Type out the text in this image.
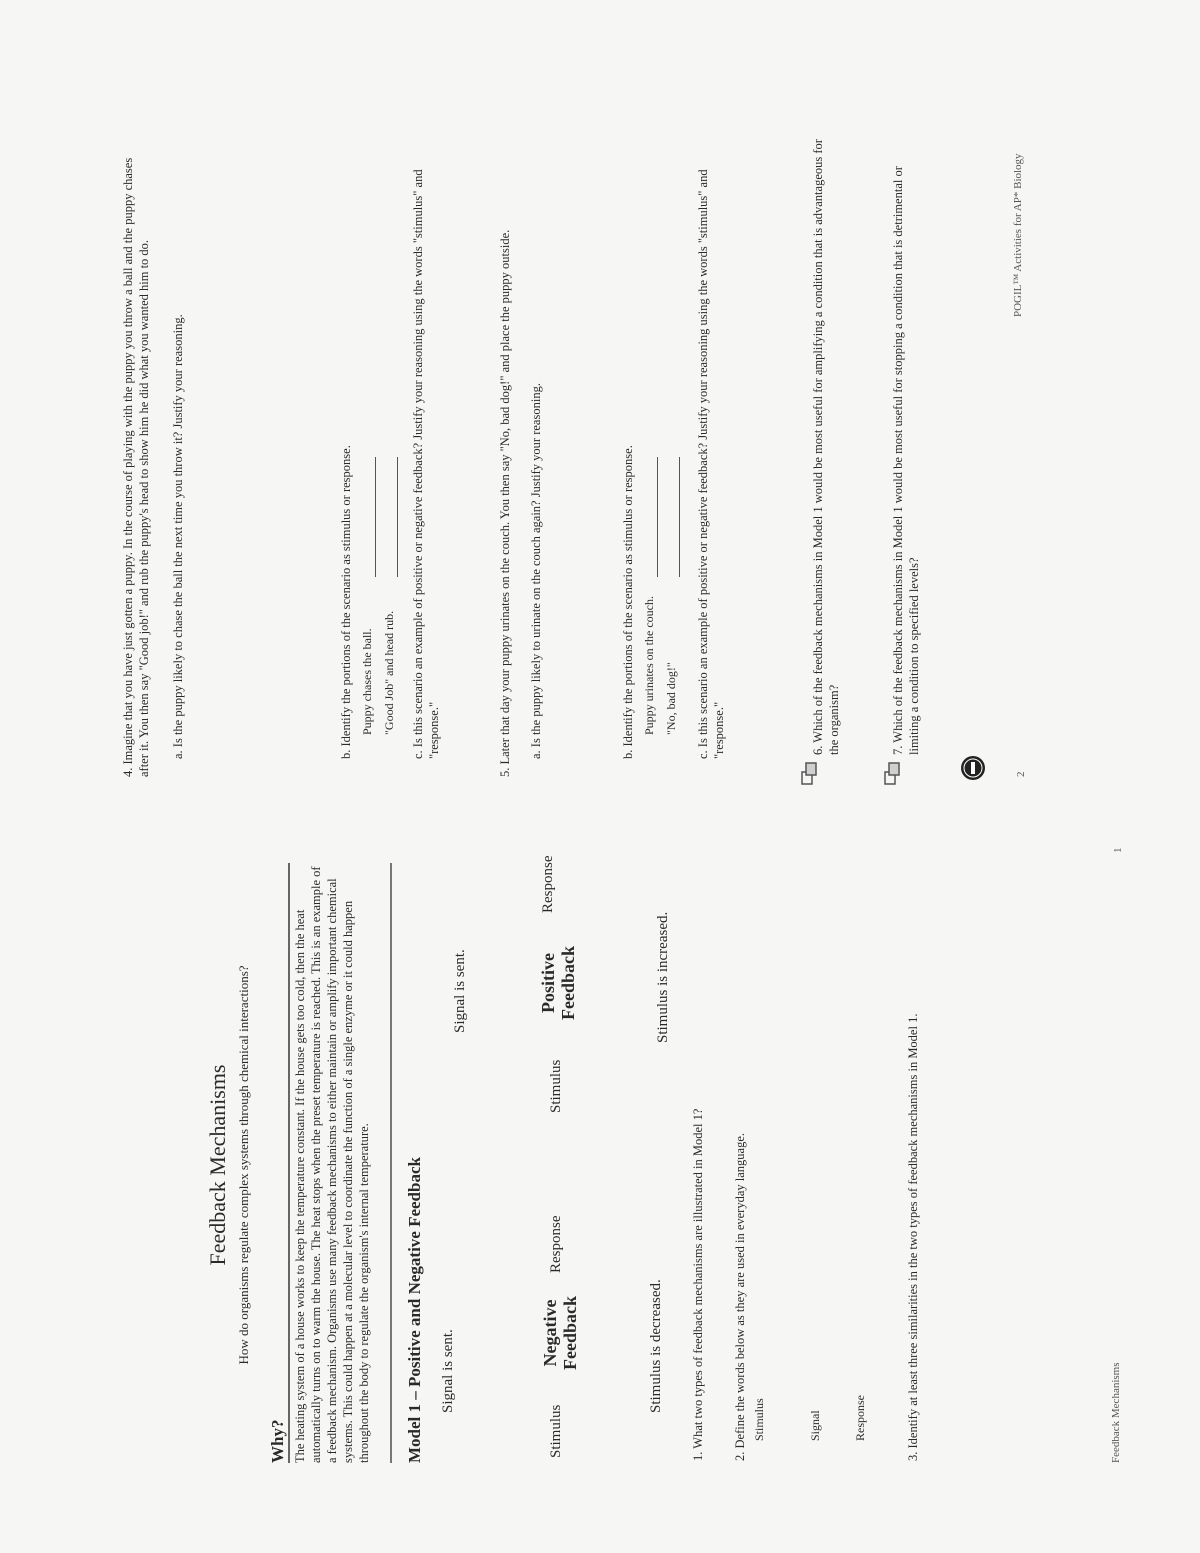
Feedback Mechanisms How do organisms regulate complex systems through chemical interactions?
Why? The heating system of a house works to keep the temperature constant. If the house gets too cold, then the heat automatically turns on to warm the house. The heat stops when the preset temperature is reached. This is an example of a feedback mechanism. Organisms use many feedback mechanisms to either maintain or amplify important chemical systems. This could happen at a molecular level to coordinate the function of a single enzyme or it could happen throughout the body to regulate the organism's internal temperature. Model 1 – Positive and Negative Feedback Signal is sent.
Stimulus
Negative Feedback
Response
Stimulus is decreased.
Signal is sent.
Stimulus
Positive Feedback
Response
Stimulus is increased.
1. What two types of feedback mechanisms are illustrated in Model 1? 2. Define the words below as they are used in everyday language. Stimulus	Signal	Response	3. Identify at least three similarities in the two types of feedback mechanisms in Model 1.	Feedback Mechanisms
1
4. Imagine that you have just gotten a puppy. In the course of playing with the puppy you throw a ball and the puppy chases after it. You then say "Good job!" and rub the puppy's head to show him he did what you wanted him to do. a. Is the puppy likely to chase the ball the next time you throw it? Justify your reasoning.	b. Identify the portions of the scenario as stimulus or response. Puppy chases the ball. "Good Job" and head rub. c. Is this scenario an example of positive or negative feedback? Justify your reasoning using the words "stimulus" and "response."	5. Later that day your puppy urinates on the couch. You then say "No, bad dog!" and place the puppy outside. a. Is the puppy likely to urinate on the couch again? Justify your reasoning.	b. Identify the portions of the scenario as stimulus or response. Puppy urinates on the couch. "No, bad dog!" c. Is this scenario an example of positive or negative feedback? Justify your reasoning using the words "stimulus" and "response."	6. Which of the feedback mechanisms in Model 1 would be most useful for amplifying a condition that is advantageous for the organism?	7. Which of the feedback mechanisms in Model 1 would be most useful for stopping a condition that is detrimental or limiting a condition to specified levels?
2
POGIL™ Activities for AP* Biology
